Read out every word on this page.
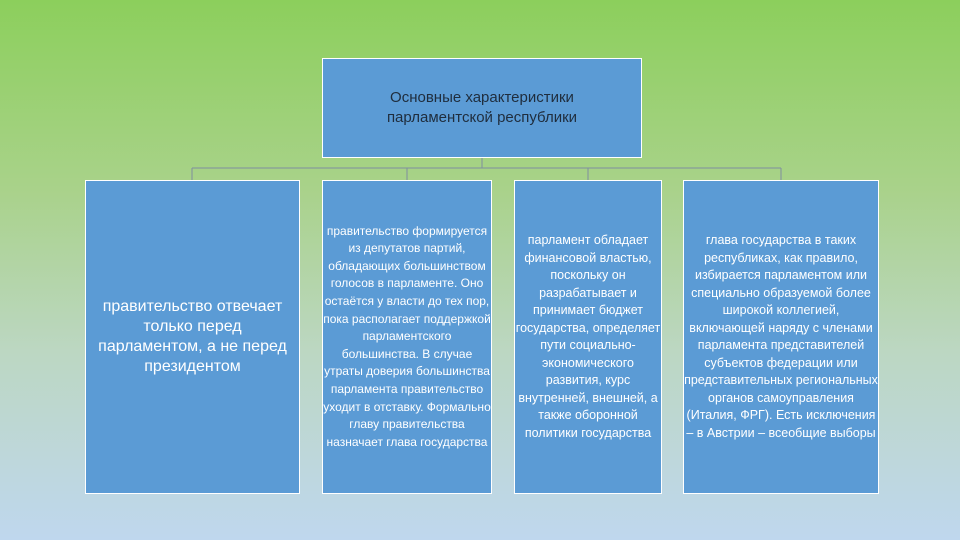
Основные характеристики парламентской республики
правительство отвечает только перед парламентом, а не перед президентом
правительство формируется из депутатов партий, обладающих большинством голосов в парламенте. Оно остаётся у власти до тех пор, пока располагает поддержкой парламентского большинства. В случае утраты доверия большинства парламента правительство уходит в отставку. Формально главу правительства назначает глава государства
парламент обладает финансовой властью, поскольку он разрабатывает и принимает бюджет государства, определяет пути социально-экономического развития, курс внутренней, внешней, а также оборонной политики государства
глава государства в таких республиках, как правило, избирается парламентом или специально образуемой более широкой коллегией, включающей наряду с членами парламента представителей субъектов федерации или представительных региональных органов самоуправления (Италия, ФРГ). Есть исключения – в Австрии – всеобщие выборы
